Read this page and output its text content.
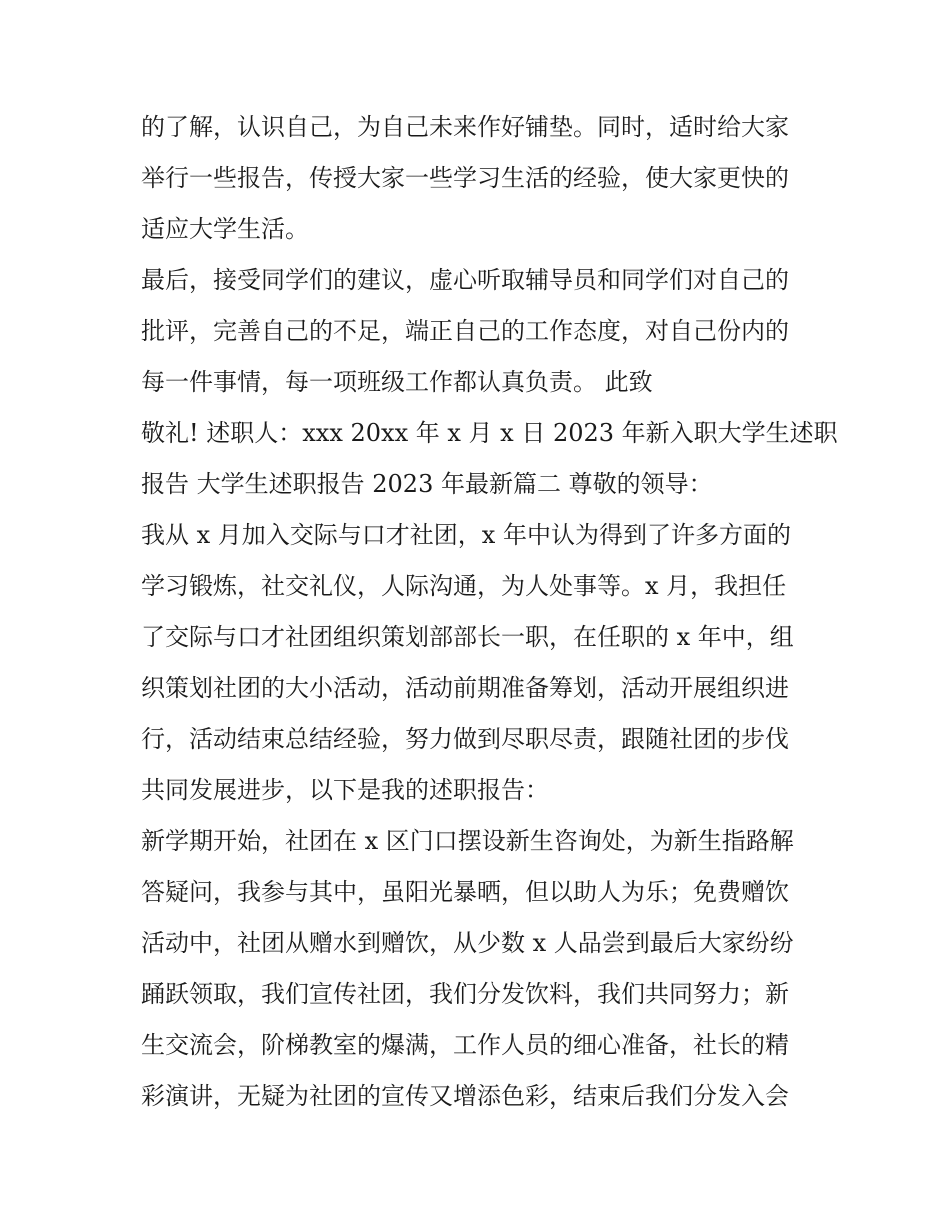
的了解，认识自己，为自己未来作好铺垫。同时，适时给大家
举行一些报告，传授大家一些学习生活的经验，使大家更快的
适应大学生活。
最后，接受同学们的建议，虚心听取辅导员和同学们对自己的
批评，完善自己的不足，端正自己的工作态度，对自己份内的
每一件事情，每一项班级工作都认真负责。 此致
敬礼! 述职人：xxx 20xx 年 x 月 x 日 2023 年新入职大学生述职
报告 大学生述职报告 2023 年最新篇二 尊敬的领导：
我从 x 月加入交际与口才社团，x 年中认为得到了许多方面的
学习锻炼，社交礼仪，人际沟通，为人处事等。x 月，我担任
了交际与口才社团组织策划部部长一职，在任职的 x 年中，组
织策划社团的大小活动，活动前期准备筹划，活动开展组织进
行，活动结束总结经验，努力做到尽职尽责，跟随社团的步伐
共同发展进步，以下是我的述职报告：
新学期开始，社团在 x 区门口摆设新生咨询处，为新生指路解
答疑问，我参与其中，虽阳光暴晒，但以助人为乐；免费赠饮
活动中，社团从赠水到赠饮，从少数 x 人品尝到最后大家纷纷
踊跃领取，我们宣传社团，我们分发饮料，我们共同努力；新
生交流会，阶梯教室的爆满，工作人员的细心准备，社长的精
彩演讲，无疑为社团的宣传又增添色彩，结束后我们分发入会
